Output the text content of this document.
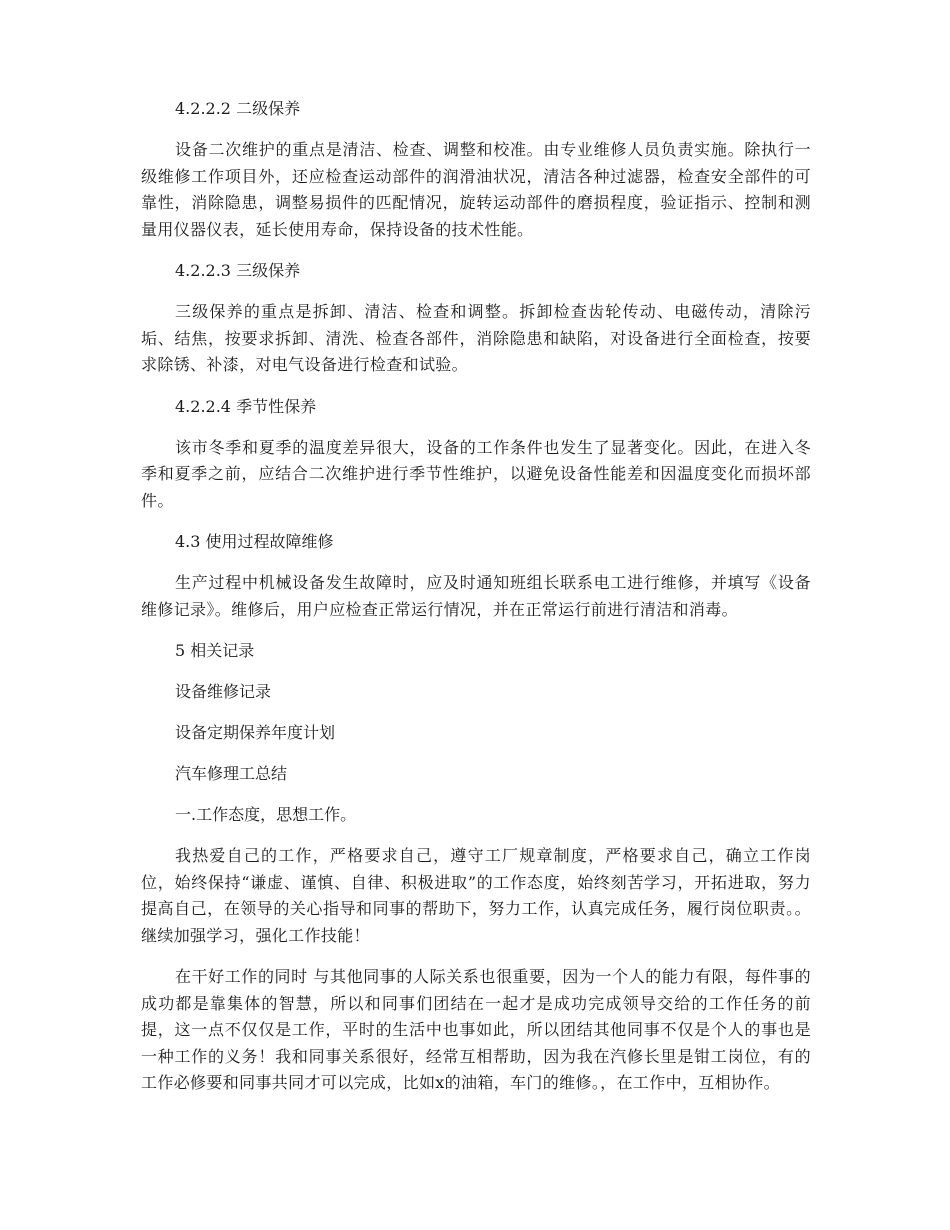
4.2.2.2 二级保养
设备二次维护的重点是清洁、检查、调整和校准。由专业维修人员负责实施。除执行一级维修工作项目外，还应检查运动部件的润滑油状况，清洁各种过滤器，检查安全部件的可靠性，消除隐患，调整易损件的匹配情况，旋转运动部件的磨损程度，验证指示、控制和测量用仪器仪表，延长使用寿命，保持设备的技术性能。
4.2.2.3 三级保养
三级保养的重点是拆卸、清洁、检查和调整。拆卸检查齿轮传动、电磁传动，清除污垢、结焦，按要求拆卸、清洗、检查各部件，消除隐患和缺陷，对设备进行全面检查，按要求除锈、补漆，对电气设备进行检查和试验。
4.2.2.4 季节性保养
该市冬季和夏季的温度差异很大，设备的工作条件也发生了显著变化。因此，在进入冬季和夏季之前，应结合二次维护进行季节性维护，以避免设备性能差和因温度变化而损坏部件。
4.3 使用过程故障维修
生产过程中机械设备发生故障时，应及时通知班组长联系电工进行维修，并填写《设备维修记录》。维修后，用户应检查正常运行情况，并在正常运行前进行清洁和消毒。
5 相关记录
设备维修记录
设备定期保养年度计划
汽车修理工总结
一.工作态度，思想工作。
我热爱自己的工作，严格要求自己，遵守工厂规章制度，严格要求自己，确立工作岗位，始终保持“谦虚、谨慎、自律、积极进取”的工作态度，始终刻苦学习，开拓进取，努力提高自己，在领导的关心指导和同事的帮助下，努力工作，认真完成任务，履行岗位职责。。继续加强学习，强化工作技能！
在干好工作的同时 与其他同事的人际关系也很重要，因为一个人的能力有限，每件事的成功都是靠集体的智慧，所以和同事们团结在一起才是成功完成领导交给的工作任务的前提，这一点不仅仅是工作，平时的生活中也事如此，所以团结其他同事不仅是个人的事也是一种工作的义务！我和同事关系很好，经常互相帮助，因为我在汽修长里是钳工岗位，有的工作必修要和同事共同才可以完成，比如x的油箱，车门的维修。，在工作中，互相协作。
